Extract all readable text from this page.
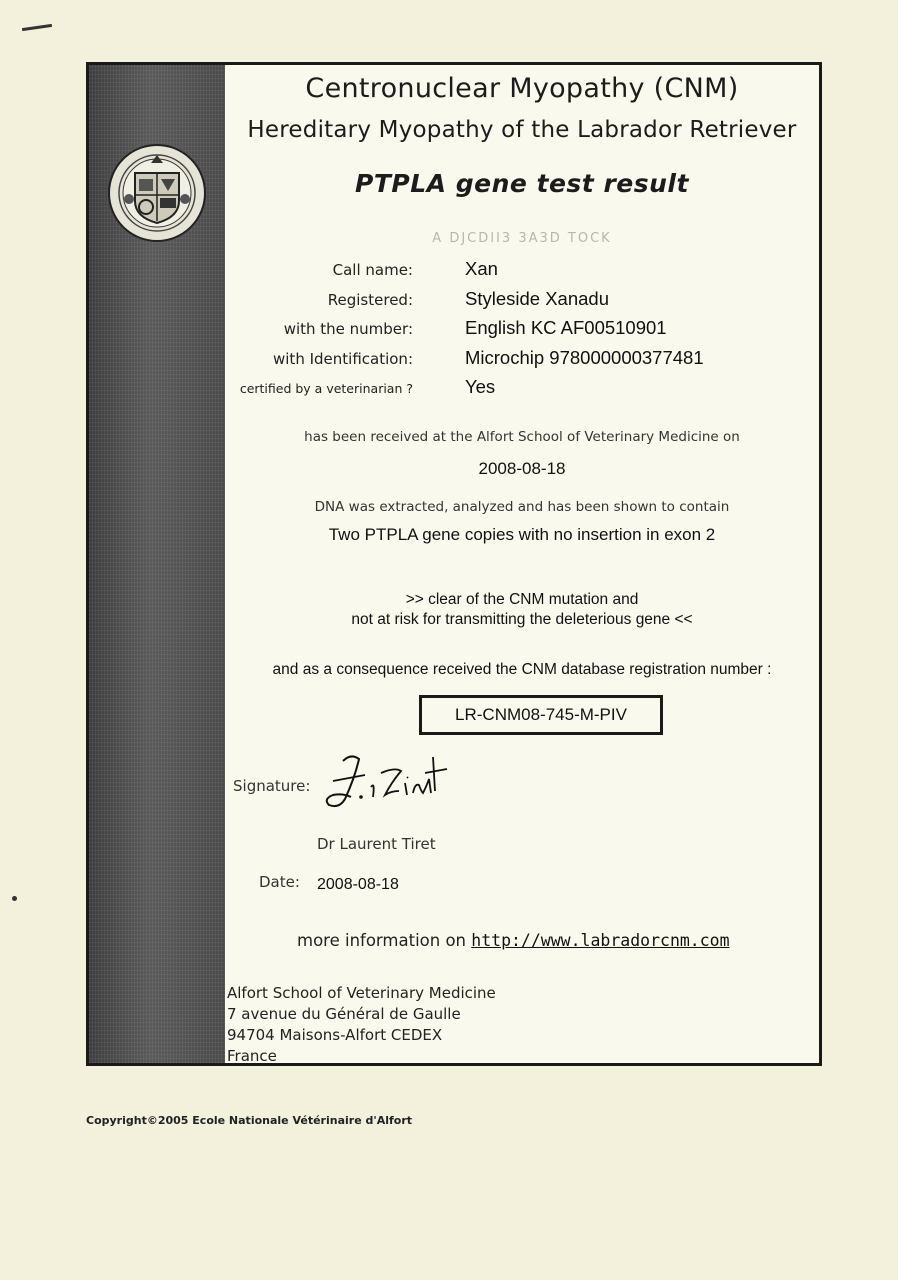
Centronuclear Myopathy (CNM)
Hereditary Myopathy of the Labrador Retriever
PTPLA gene test result
A DJCDII3 3A3D TOCK
Call name:	Xan
Registered:	Styleside Xanadu
with the number:	English KC AF00510901
with Identification:	Microchip 978000000377481
certified by a veterinarian ?	Yes
has been received at the Alfort School of Veterinary Medicine on
2008-08-18
DNA was extracted, analyzed and has been shown to contain
Two PTPLA gene copies with no insertion in exon 2
>> clear of the CNM mutation and
not at risk for transmitting the deleterious gene <<
and as a consequence received the CNM database registration number :
LR-CNM08-745-M-PIV
Signature:
Dr Laurent Tiret
Date: 2008-08-18
more information on http://www.labradorcnm.com
Alfort School of Veterinary Medicine
7 avenue du Général de Gaulle
94704 Maisons-Alfort CEDEX
France
Copyright©2005 Ecole Nationale Vétérinaire d'Alfort
